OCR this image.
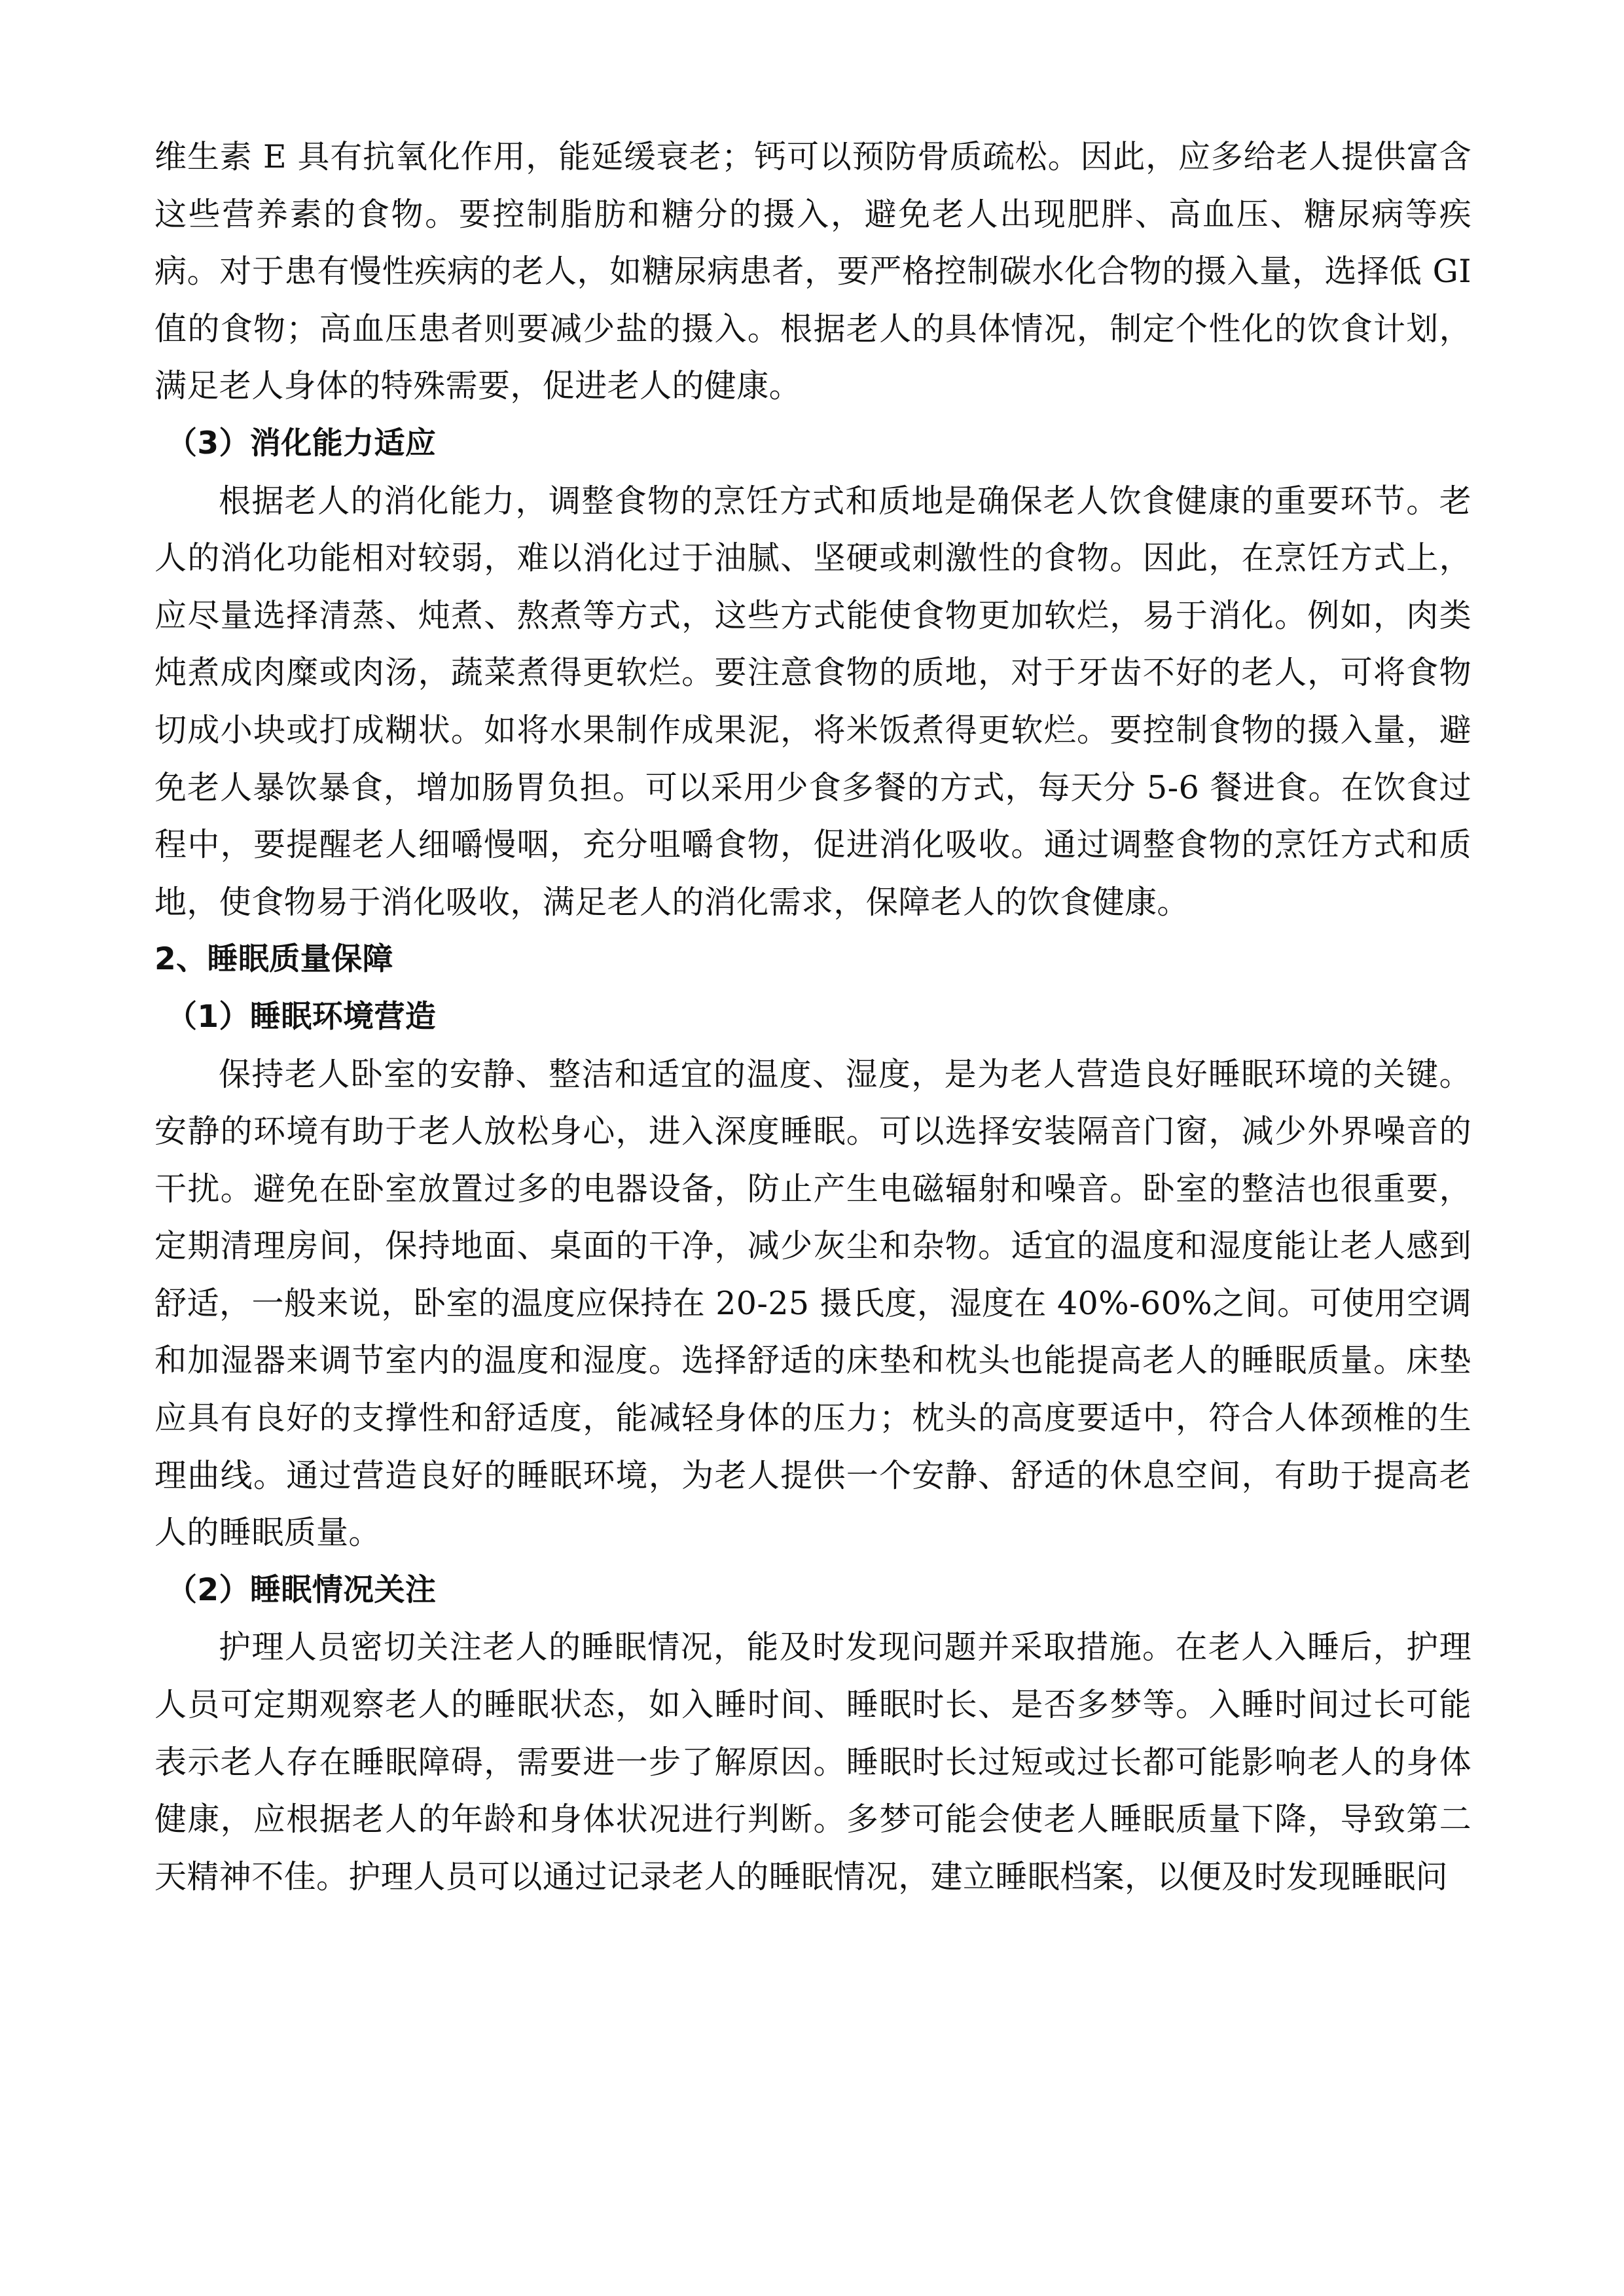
维生素 E 具有抗氧化作用，能延缓衰老；钙可以预防骨质疏松。因此，应多给老人提供富含这些营养素的食物。要控制脂肪和糖分的摄入，避免老人出现肥胖、高血压、糖尿病等疾病。对于患有慢性疾病的老人，如糖尿病患者，要严格控制碳水化合物的摄入量，选择低 GI 值的食物；高血压患者则要减少盐的摄入。根据老人的具体情况，制定个性化的饮食计划，满足老人身体的特殊需要，促进老人的健康。

（3）消化能力适应

根据老人的消化能力，调整食物的烹饪方式和质地是确保老人饮食健康的重要环节。老人的消化功能相对较弱，难以消化过于油腻、坚硬或刺激性的食物。因此，在烹饪方式上，应尽量选择清蒸、炖煮、熬煮等方式，这些方式能使食物更加软烂，易于消化。例如，肉类炖煮成肉糜或肉汤，蔬菜煮得更软烂。要注意食物的质地，对于牙齿不好的老人，可将食物切成小块或打成糊状。如将水果制作成果泥，将米饭煮得更软烂。要控制食物的摄入量，避免老人暴饮暴食，增加肠胃负担。可以采用少食多餐的方式，每天分 5-6 餐进食。在饮食过程中，要提醒老人细嚼慢咽，充分咀嚼食物，促进消化吸收。通过调整食物的烹饪方式和质地，使食物易于消化吸收，满足老人的消化需求，保障老人的饮食健康。

2、睡眠质量保障
（1）睡眠环境营造

保持老人卧室的安静、整洁和适宜的温度、湿度，是为老人营造良好睡眠环境的关键。安静的环境有助于老人放松身心，进入深度睡眠。可以选择安装隔音门窗，减少外界噪音的干扰。避免在卧室放置过多的电器设备，防止产生电磁辐射和噪音。卧室的整洁也很重要，定期清理房间，保持地面、桌面的干净，减少灰尘和杂物。适宜的温度和湿度能让老人感到舒适，一般来说，卧室的温度应保持在 20-25 摄氏度，湿度在 40%-60%之间。可使用空调和加湿器来调节室内的温度和湿度。选择舒适的床垫和枕头也能提高老人的睡眠质量。床垫应具有良好的支撑性和舒适度，能减轻身体的压力；枕头的高度要适中，符合人体颈椎的生理曲线。通过营造良好的睡眠环境，为老人提供一个安静、舒适的休息空间，有助于提高老人的睡眠质量。

（2）睡眠情况关注

护理人员密切关注老人的睡眠情况，能及时发现问题并采取措施。在老人入睡后，护理人员可定期观察老人的睡眠状态，如入睡时间、睡眠时长、是否多梦等。入睡时间过长可能表示老人存在睡眠障碍，需要进一步了解原因。睡眠时长过短或过长都可能影响老人的身体健康，应根据老人的年龄和身体状况进行判断。多梦可能会使老人睡眠质量下降，导致第二天精神不佳。护理人员可以通过记录老人的睡眠情况，建立睡眠档案，以便及时发现睡眠问
